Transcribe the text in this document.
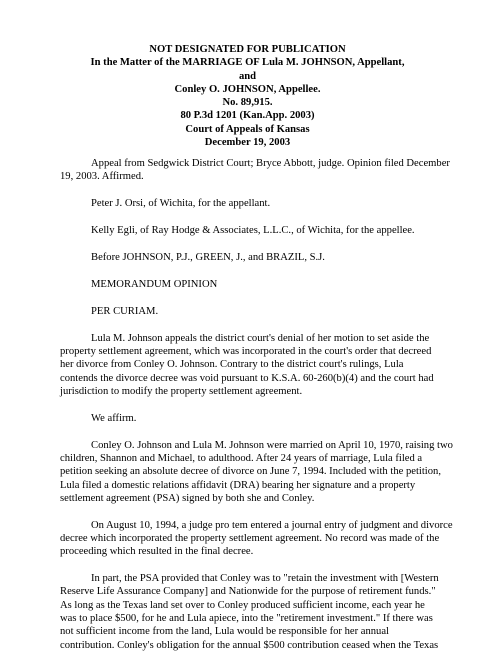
NOT DESIGNATED FOR PUBLICATION
In the Matter of the MARRIAGE OF Lula M. JOHNSON, Appellant,
and
Conley O. JOHNSON, Appellee.
No. 89,915.
80 P.3d 1201 (Kan.App. 2003)
Court of Appeals of Kansas
December 19, 2003
Appeal from Sedgwick District Court; Bryce Abbott, judge. Opinion filed December
19, 2003. Affirmed.
Peter J. Orsi, of Wichita, for the appellant.
Kelly Egli, of Ray Hodge & Associates, L.L.C., of Wichita, for the appellee.
Before JOHNSON, P.J., GREEN, J., and BRAZIL, S.J.
MEMORANDUM OPINION
PER CURIAM.
Lula M. Johnson appeals the district court's denial of her motion to set aside the
property settlement agreement, which was incorporated in the court's order that decreed
her divorce from Conley O. Johnson. Contrary to the district court's rulings, Lula
contends the divorce decree was void pursuant to K.S.A. 60-260(b)(4) and the court had
jurisdiction to modify the property settlement agreement.
We affirm.
Conley O. Johnson and Lula M. Johnson were married on April 10, 1970, raising two
children, Shannon and Michael, to adulthood. After 24 years of marriage, Lula filed a
petition seeking an absolute decree of divorce on June 7, 1994. Included with the petition,
Lula filed a domestic relations affidavit (DRA) bearing her signature and a property
settlement agreement (PSA) signed by both she and Conley.
On August 10, 1994, a judge pro tem entered a journal entry of judgment and divorce
decree which incorporated the property settlement agreement. No record was made of the
proceeding which resulted in the final decree.
In part, the PSA provided that Conley was to "retain the investment with [Western
Reserve Life Assurance Company] and Nationwide for the purpose of retirement funds."
As long as the Texas land set over to Conley produced sufficient income, each year he
was to place $500, for he and Lula apiece, into the "retirement investment." If there was
not sufficient income from the land, Lula would be responsible for her annual
contribution. Conley's obligation for the annual $500 contribution ceased when the Texas
